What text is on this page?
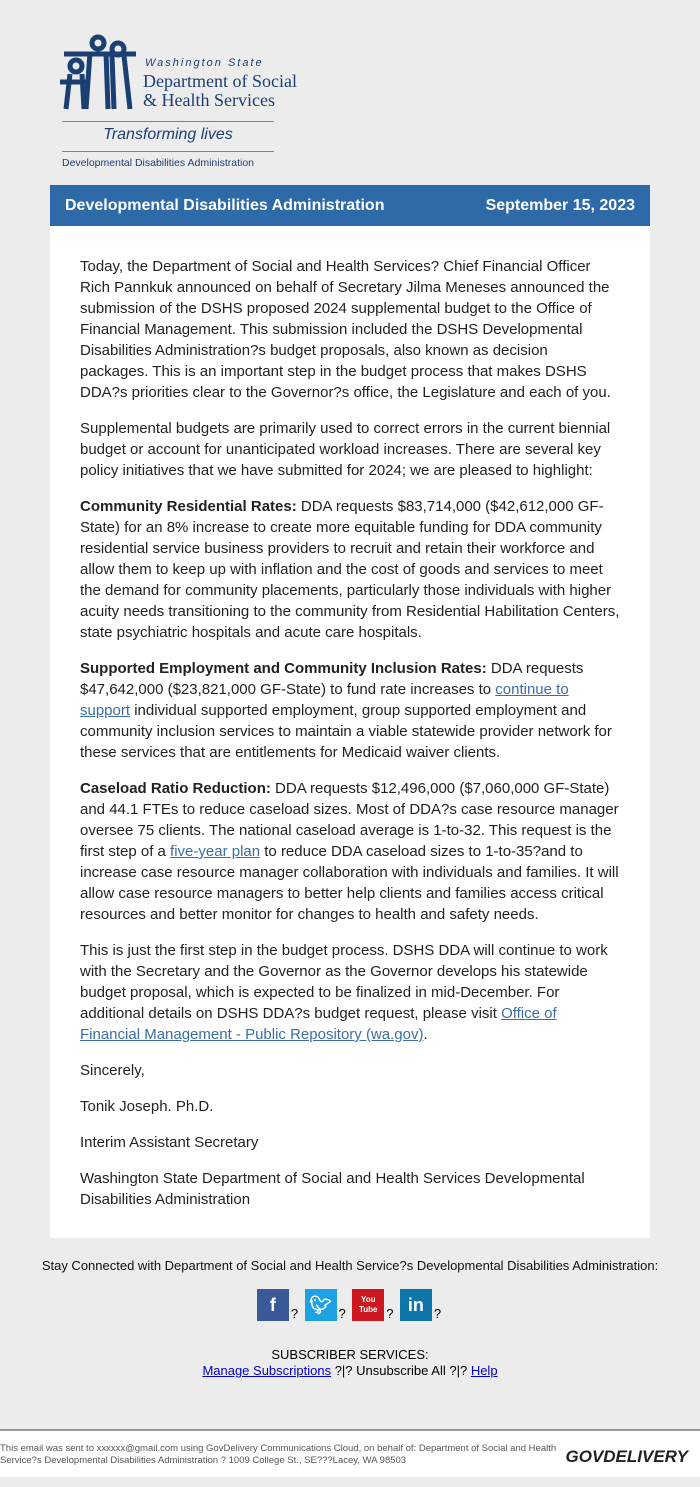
Washington State
Department of Social
& Health Services
Transforming lives
Developmental Disabilities Administration
Developmental Disabilities Administration	September 15, 2023

Today, the Department of Social and Health Services? Chief Financial Officer Rich Pannkuk announced on behalf of Secretary Jilma Meneses announced the submission of the DSHS proposed 2024 supplemental budget to the Office of Financial Management. This submission included the DSHS Developmental Disabilities Administration?s budget proposals, also known as decision packages. This is an important step in the budget process that makes DSHS DDA?s priorities clear to the Governor?s office, the Legislature and each of you.

Supplemental budgets are primarily used to correct errors in the current biennial budget or account for unanticipated workload increases. There are several key policy initiatives that we have submitted for 2024; we are pleased to highlight:

Community Residential Rates: DDA requests $83,714,000 ($42,612,000 GF-State) for an 8% increase to create more equitable funding for DDA community residential service business providers to recruit and retain their workforce and allow them to keep up with inflation and the cost of goods and services to meet the demand for community placements, particularly those individuals with higher acuity needs transitioning to the community from Residential Habilitation Centers, state psychiatric hospitals and acute care hospitals.

Supported Employment and Community Inclusion Rates: DDA requests $47,642,000 ($23,821,000 GF-State) to fund rate increases to continue to support individual supported employment, group supported employment and community inclusion services to maintain a viable statewide provider network for these services that are entitlements for Medicaid waiver clients.

Caseload Ratio Reduction: DDA requests $12,496,000 ($7,060,000 GF-State) and 44.1 FTEs to reduce caseload sizes. Most of DDA?s case resource manager oversee 75 clients. The national caseload average is 1-to-32. This request is the first step of a five-year plan to reduce DDA caseload sizes to 1-to-35?and to increase case resource manager collaboration with individuals and families. It will allow case resource managers to better help clients and families access critical resources and better monitor for changes to health and safety needs.

This is just the first step in the budget process. DSHS DDA will continue to work with the Secretary and the Governor as the Governor develops his statewide budget proposal, which is expected to be finalized in mid-December. For additional details on DSHS DDA?s budget request, please visit Office of Financial Management - Public Repository (wa.gov).

Sincerely,

Tonik Joseph. Ph.D.

Interim Assistant Secretary

Washington State Department of Social and Health Services Developmental Disabilities Administration

Stay Connected with Department of Social and Health Service?s Developmental Disabilities Administration:
f ? 🐦︎ ? You Tube ? in ?
SUBSCRIBER SERVICES:
Manage Subscriptions ?|? Unsubscribe All ?|? Help
This email was sent to xxxxxx@gmail.com using GovDelivery Communications Cloud, on behalf of: Department of Social and Health Service?s Developmental Disabilities Administration ? 1009 College St., SE???Lacey, WA 98503	GOVDELIVERY
